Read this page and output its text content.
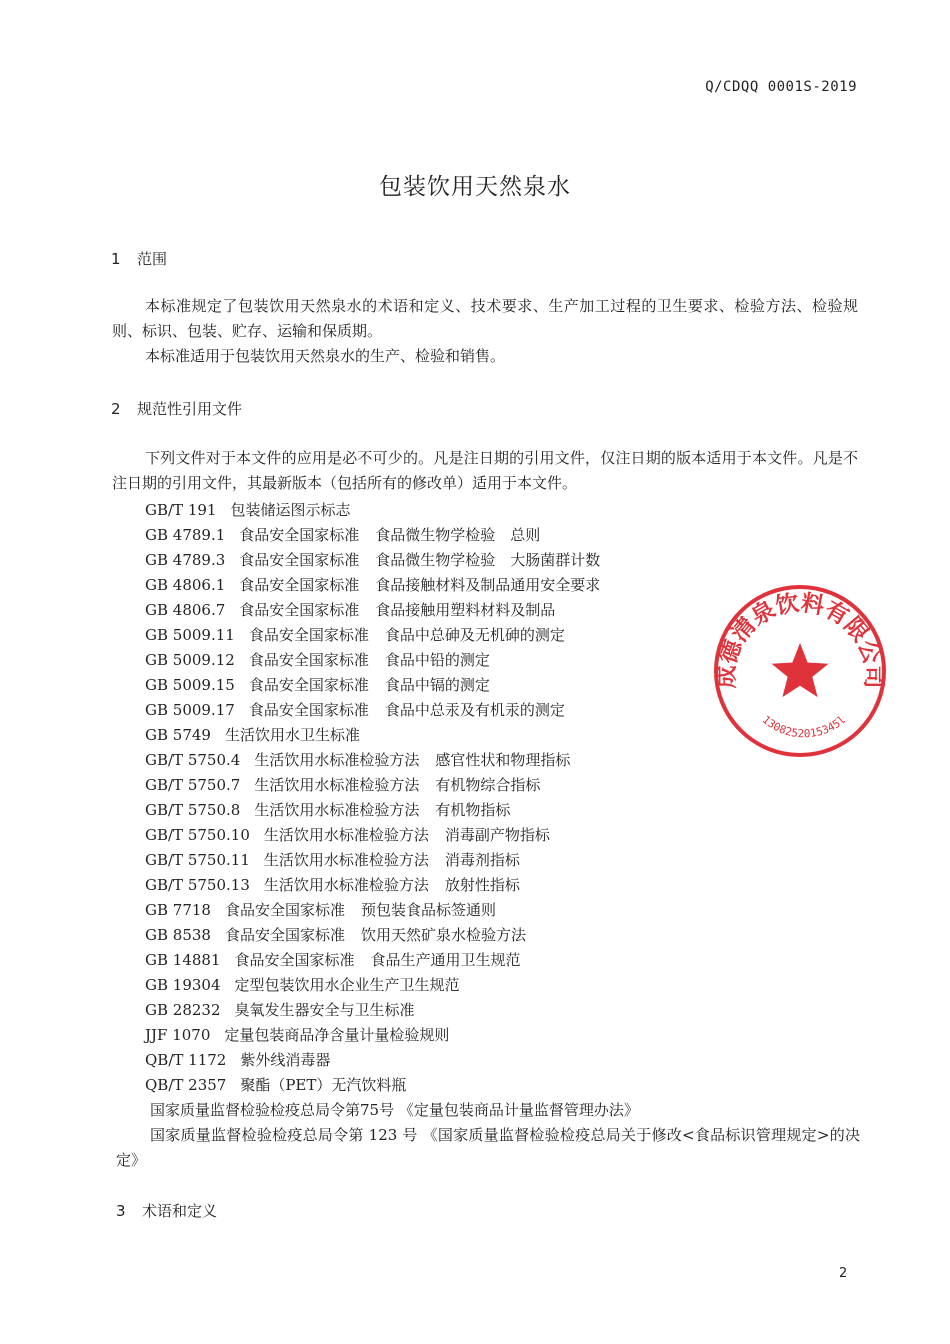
Q/CDQQ 0001S-2019
包装饮用天然泉水
1 范围
本标准规定了包装饮用天然泉水的术语和定义、技术要求、生产加工过程的卫生要求、检验方法、检验规则、标识、包装、贮存、运输和保质期。
本标准适用于包装饮用天然泉水的生产、检验和销售。
2 规范性引用文件
下列文件对于本文件的应用是必不可少的。凡是注日期的引用文件，仅注日期的版本适用于本文件。凡是不注日期的引用文件，其最新版本（包括所有的修改单）适用于本文件。
GB/T 191 包装储运图示标志
GB 4789.1 食品安全国家标准 食品微生物学检验　总则
GB 4789.3 食品安全国家标准 食品微生物学检验　大肠菌群计数
GB 4806.1 食品安全国家标准 食品接触材料及制品通用安全要求
GB 4806.7 食品安全国家标准 食品接触用塑料材料及制品
GB 5009.11 食品安全国家标准 食品中总砷及无机砷的测定
GB 5009.12 食品安全国家标准 食品中铅的测定
GB 5009.15 食品安全国家标准 食品中镉的测定
GB 5009.17 食品安全国家标准 食品中总汞及有机汞的测定
GB 5749 生活饮用水卫生标准
GB/T 5750.4 生活饮用水标准检验方法 感官性状和物理指标
GB/T 5750.7 生活饮用水标准检验方法 有机物综合指标
GB/T 5750.8 生活饮用水标准检验方法 有机物指标
GB/T 5750.10 生活饮用水标准检验方法 消毒副产物指标
GB/T 5750.11 生活饮用水标准检验方法 消毒剂指标
GB/T 5750.13 生活饮用水标准检验方法 放射性指标
GB 7718 食品安全国家标准 预包装食品标签通则
GB 8538 食品安全国家标准 饮用天然矿泉水检验方法
GB 14881 食品安全国家标准 食品生产通用卫生规范
GB 19304 定型包装饮用水企业生产卫生规范
GB 28232 臭氧发生器安全与卫生标准
JJF 1070 定量包装商品净含量计量检验规则
QB/T 1172 紫外线消毒器
QB/T 2357 聚酯（PET）无汽饮料瓶
国家质量监督检验检疫总局令第75号 《定量包装商品计量监督管理办法》
国家质量监督检验检疫总局令第 123 号 《国家质量监督检验检疫总局关于修改<食品标识管理规定>的决定》
3 术语和定义
2
成德清泉饮料有限公司
1308252015345l
